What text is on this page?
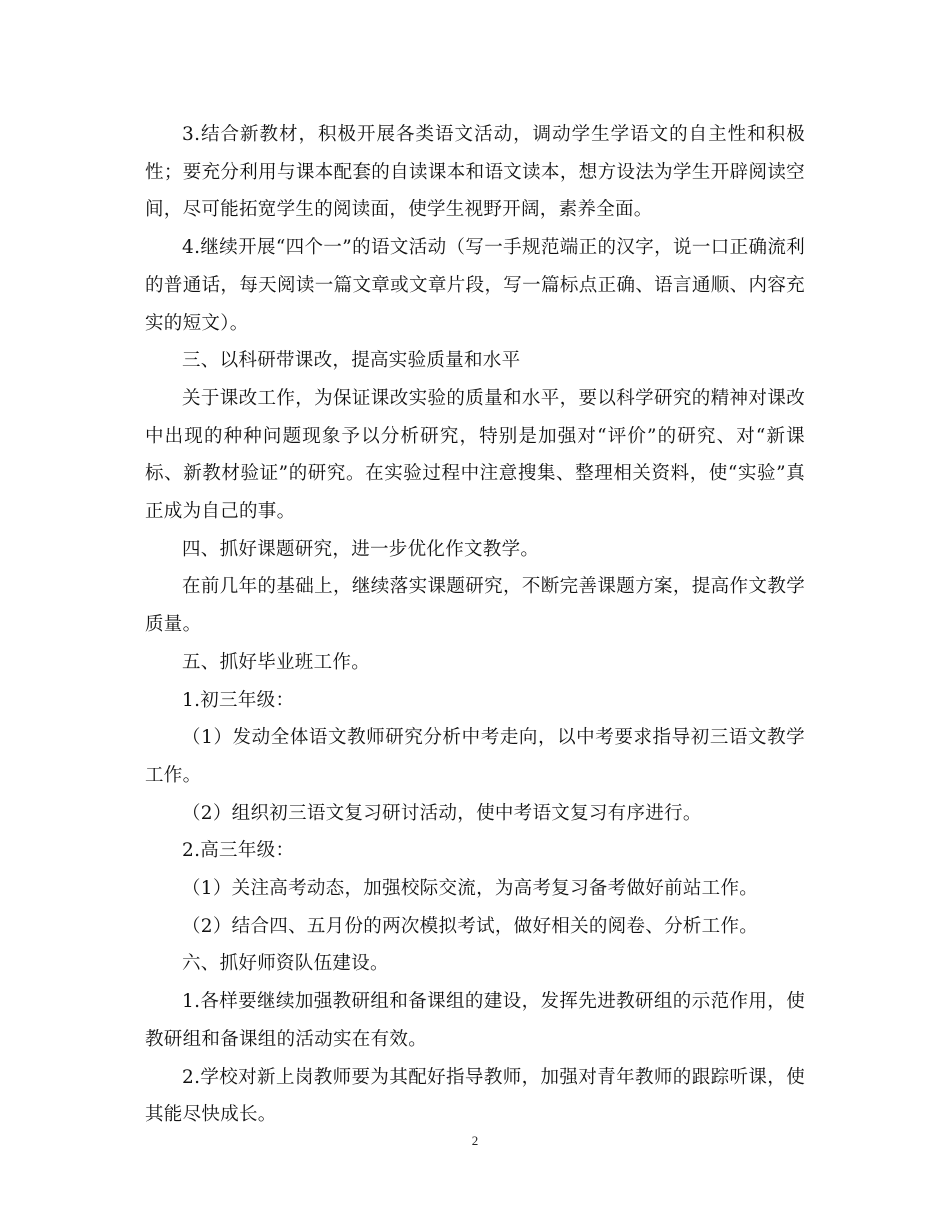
3.结合新教材，积极开展各类语文活动，调动学生学语文的自主性和积极性；要充分利用与课本配套的自读课本和语文读本，想方设法为学生开辟阅读空间，尽可能拓宽学生的阅读面，使学生视野开阔，素养全面。

4.继续开展“四个一”的语文活动（写一手规范端正的汉字，说一口正确流利的普通话，每天阅读一篇文章或文章片段，写一篇标点正确、语言通顺、内容充实的短文）。

三、以科研带课改，提高实验质量和水平

关于课改工作，为保证课改实验的质量和水平，要以科学研究的精神对课改中出现的种种问题现象予以分析研究，特别是加强对“评价”的研究、对“新课标、新教材验证”的研究。在实验过程中注意搜集、整理相关资料，使“实验”真正成为自己的事。

四、抓好课题研究，进一步优化作文教学。

在前几年的基础上，继续落实课题研究，不断完善课题方案，提高作文教学质量。

五、抓好毕业班工作。

1.初三年级：

（1）发动全体语文教师研究分析中考走向，以中考要求指导初三语文教学工作。

（2）组织初三语文复习研讨活动，使中考语文复习有序进行。

2.高三年级：

（1）关注高考动态，加强校际交流，为高考复习备考做好前站工作。

（2）结合四、五月份的两次模拟考试，做好相关的阅卷、分析工作。

六、抓好师资队伍建设。

1.各样要继续加强教研组和备课组的建设，发挥先进教研组的示范作用，使教研组和备课组的活动实在有效。

2.学校对新上岗教师要为其配好指导教师，加强对青年教师的跟踪听课，使其能尽快成长。

2
